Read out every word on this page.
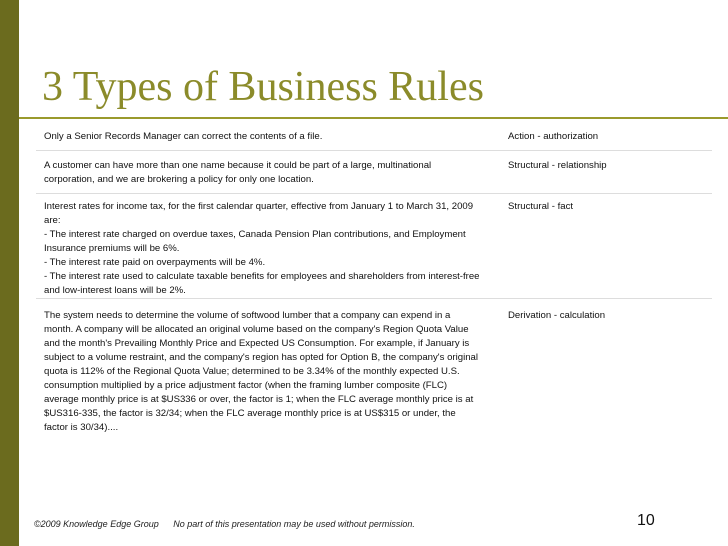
3 Types of Business Rules

Only a Senior Records Manager can correct the contents of a file.	Action - authorization

A customer can have more than one name because it could be part of a large, multinational
corporation, and we are brokering a policy for only one location.

Structural - relationship

Interest rates for income tax, for the first calendar quarter, effective from January 1 to March 31, 2009
are:
- The interest rate charged on overdue taxes, Canada Pension Plan contributions, and Employment
Insurance premiums will be 6%.
- The interest rate paid on overpayments will be 4%.
- The interest rate used to calculate taxable benefits for employees and shareholders from interest-free
and low-interest loans will be 2%.

Structural - fact

The system needs to determine the volume of softwood lumber that a company can expend in a
month. A company will be allocated an original volume based on the company's Region Quota Value
and the month's Prevailing Monthly Price and Expected US Consumption. For example, if January is
subject to a volume restraint, and the company's region has opted for Option B, the company's original
quota is 112% of the Regional Quota Value; determined to be 3.34% of the monthly expected U.S.
consumption multiplied by a price adjustment factor (when the framing lumber composite (FLC)
average monthly price is at $US336 or over, the factor is 1; when the FLC average monthly price is at
$US316-335, the factor is 32/34; when the FLC average monthly price is at US$315 or under, the
factor is 30/34)....

Derivation - calculation
©2009 Knowledge Edge Group No part of this presentation may be used without permission.	10
